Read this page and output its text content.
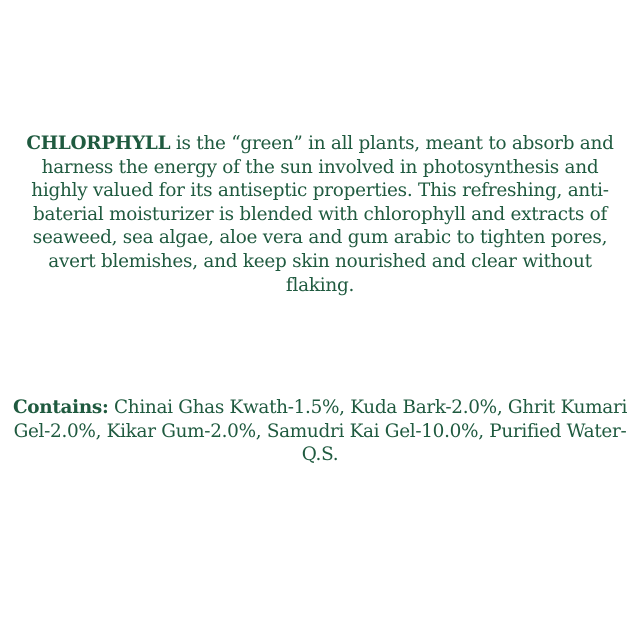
CHLORPHYLL is the “green” in all plants, meant to absorb and harness the energy of the sun involved in photosynthesis and highly valued for its antiseptic properties. This refreshing, anti-baterial moisturizer is blended with chlorophyll and extracts of seaweed, sea algae, aloe vera and gum arabic to tighten pores, avert blemishes, and keep skin nourished and clear without flaking.

Contains: Chinai Ghas Kwath-1.5%, Kuda Bark-2.0%, Ghrit Kumari Gel-2.0%, Kikar Gum-2.0%, Samudri Kai Gel-10.0%, Purified Water-Q.S.
